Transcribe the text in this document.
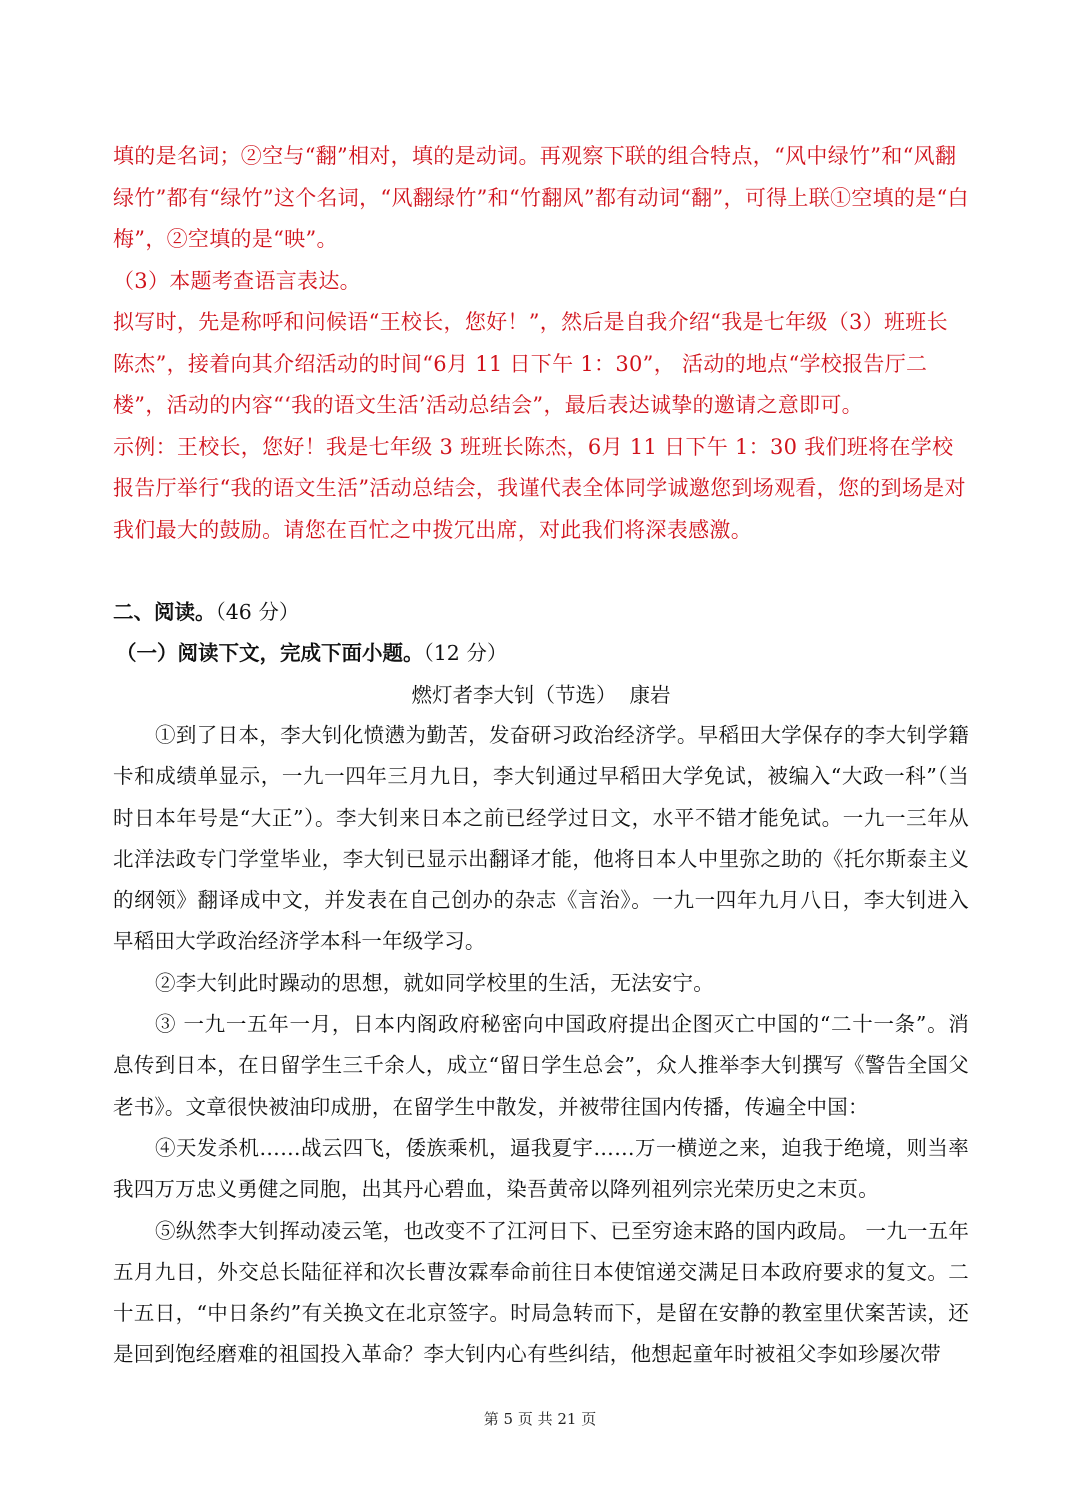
填的是名词；②空与“翻”相对，填的是动词。再观察下联的组合特点，“风中绿竹”和“风翻绿竹”都有“绿竹”这个名词，“风翻绿竹”和“竹翻风”都有动词“翻”，可得上联①空填的是“白梅”，②空填的是“映”。

（3）本题考查语言表达。

拟写时，先是称呼和问候语“王校长，您好！”，然后是自我介绍“我是七年级（3）班班长陈杰”，接着向其介绍活动的时间“6月 11 日下午 1：30”， 活动的地点“学校报告厅二楼”，活动的内容“‘我的语文生活’活动总结会”，最后表达诚挚的邀请之意即可。

示例：王校长，您好！我是七年级 3 班班长陈杰，6月 11 日下午 1：30 我们班将在学校报告厅举行“我的语文生活”活动总结会，我谨代表全体同学诚邀您到场观看，您的到场是对我们最大的鼓励。请您在百忙之中拨冗出席，对此我们将深表感激。

二、阅读。（46 分）
（一）阅读下文，完成下面小题。（12 分）
燃灯者李大钊（节选）  康岩

①到了日本，李大钊化愤懑为勤苦，发奋研习政治经济学。早稻田大学保存的李大钊学籍卡和成绩单显示，一九一四年三月九日，李大钊通过早稻田大学免试，被编入“大政一科”（当时日本年号是“大正”）。李大钊来日本之前已经学过日文，水平不错才能免试。一九一三年从北洋法政专门学堂毕业，李大钊已显示出翻译才能，他将日本人中里弥之助的《托尔斯泰主义的纲领》翻译成中文，并发表在自己创办的杂志《言治》。一九一四年九月八日，李大钊进入早稻田大学政治经济学本科一年级学习。

②李大钊此时躁动的思想，就如同学校里的生活，无法安宁。

③ 一九一五年一月，日本内阁政府秘密向中国政府提出企图灭亡中国的“二十一条”。消息传到日本，在日留学生三千余人，成立“留日学生总会”，众人推举李大钊撰写《警告全国父老书》。文章很快被油印成册，在留学生中散发，并被带往国内传播，传遍全中国：

④天发杀机……战云四飞，倭族乘机，逼我夏宇……万一横逆之来，迫我于绝境，则当率我四万万忠义勇健之同胞，出其丹心碧血，染吾黄帝以降列祖列宗光荣历史之末页。

⑤纵然李大钊挥动凌云笔，也改变不了江河日下、已至穷途末路的国内政局。 一九一五年五月九日，外交总长陆征祥和次长曹汝霖奉命前往日本使馆递交满足日本政府要求的复文。二十五日，“中日条约”有关换文在北京签字。时局急转而下，是留在安静的教室里伏案苦读，还是回到饱经磨难的祖国投入革命？李大钊内心有些纠结，他想起童年时被祖父李如珍屡次带

第 5 页 共 21 页
